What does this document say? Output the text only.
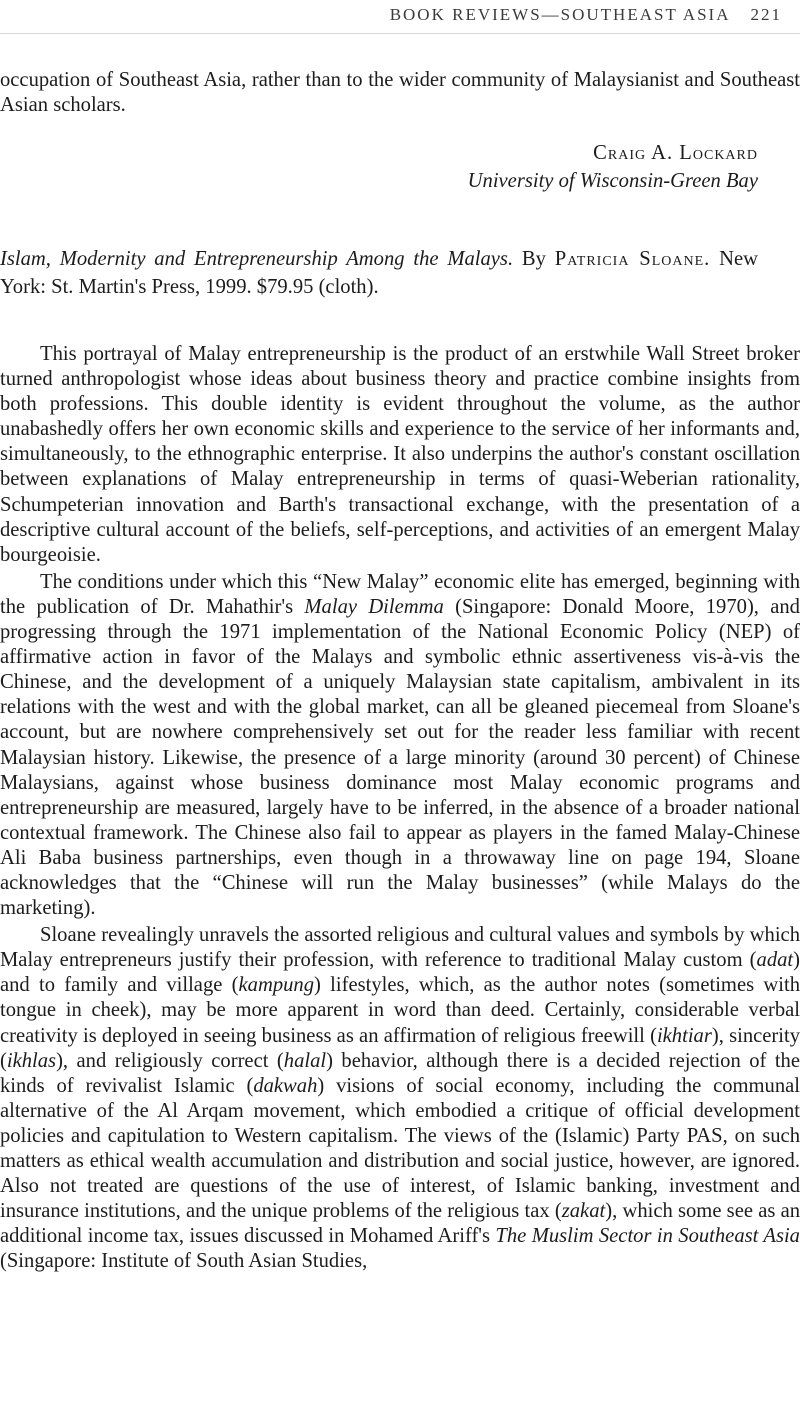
BOOK REVIEWS—SOUTHEAST ASIA 221

occupation of Southeast Asia, rather than to the wider community of Malaysianist and Southeast Asian scholars.

Craig A. Lockard
University of Wisconsin-Green Bay

Islam, Modernity and Entrepreneurship Among the Malays. By Patricia Sloane. New York: St. Martin's Press, 1999. $79.95 (cloth).

This portrayal of Malay entrepreneurship is the product of an erstwhile Wall Street broker turned anthropologist whose ideas about business theory and practice combine insights from both professions. This double identity is evident throughout the volume, as the author unabashedly offers her own economic skills and experience to the service of her informants and, simultaneously, to the ethnographic enterprise. It also underpins the author's constant oscillation between explanations of Malay entrepreneurship in terms of quasi-Weberian rationality, Schumpeterian innovation and Barth's transactional exchange, with the presentation of a descriptive cultural account of the beliefs, self-perceptions, and activities of an emergent Malay bourgeoisie.

The conditions under which this “New Malay” economic elite has emerged, beginning with the publication of Dr. Mahathir's Malay Dilemma (Singapore: Donald Moore, 1970), and progressing through the 1971 implementation of the National Economic Policy (NEP) of affirmative action in favor of the Malays and symbolic ethnic assertiveness vis-à-vis the Chinese, and the development of a uniquely Malaysian state capitalism, ambivalent in its relations with the west and with the global market, can all be gleaned piecemeal from Sloane's account, but are nowhere comprehensively set out for the reader less familiar with recent Malaysian history. Likewise, the presence of a large minority (around 30 percent) of Chinese Malaysians, against whose business dominance most Malay economic programs and entrepreneurship are measured, largely have to be inferred, in the absence of a broader national contextual framework. The Chinese also fail to appear as players in the famed Malay-Chinese Ali Baba business partnerships, even though in a throwaway line on page 194, Sloane acknowledges that the “Chinese will run the Malay businesses” (while Malays do the marketing).

Sloane revealingly unravels the assorted religious and cultural values and symbols by which Malay entrepreneurs justify their profession, with reference to traditional Malay custom (adat) and to family and village (kampung) lifestyles, which, as the author notes (sometimes with tongue in cheek), may be more apparent in word than deed. Certainly, considerable verbal creativity is deployed in seeing business as an affirmation of religious freewill (ikhtiar), sincerity (ikhlas), and religiously correct (halal) behavior, although there is a decided rejection of the kinds of revivalist Islamic (dakwah) visions of social economy, including the communal alternative of the Al Arqam movement, which embodied a critique of official development policies and capitulation to Western capitalism. The views of the (Islamic) Party PAS, on such matters as ethical wealth accumulation and distribution and social justice, however, are ignored. Also not treated are questions of the use of interest, of Islamic banking, investment and insurance institutions, and the unique problems of the religious tax (zakat), which some see as an additional income tax, issues discussed in Mohamed Ariff's The Muslim Sector in Southeast Asia (Singapore: Institute of South Asian Studies,
